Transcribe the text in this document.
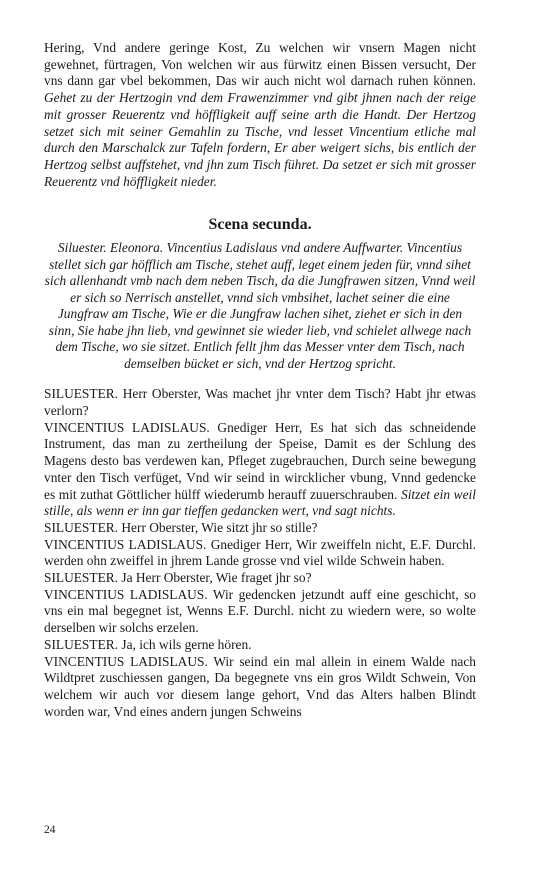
Hering, Vnd andere geringe Kost, Zu welchen wir vnsern Magen nicht gewehnet, fürtragen, Von welchen wir aus fürwitz einen Bissen versucht, Der vns dann gar vbel bekommen, Das wir auch nicht wol darnach ruhen können. Gehet zu der Hertzogin vnd dem Frawenzimmer vnd gibt jhnen nach der reige mit grosser Reuerentz vnd höffligkeit auff seine arth die Handt. Der Hertzog setzet sich mit seiner Gemahlin zu Tische, vnd lesset Vincentium etliche mal durch den Marschalck zur Tafeln fordern, Er aber weigert sichs, bis entlich der Hertzog selbst auffstehet, vnd jhn zum Tisch führet. Da setzet er sich mit grosser Reuerentz vnd höffligkeit nieder.

Scena secunda.
Siluester. Eleonora. Vincentius Ladislaus vnd andere Auffwarter. Vincentius stellet sich gar höfflich am Tische, stehet auff, leget einem jeden für, vnnd sihet sich allenhandt vmb nach dem neben Tisch, da die Jungfrawen sitzen, Vnnd weil er sich so Nerrisch anstellet, vnnd sich vmbsihet, lachet seiner die eine Jungfraw am Tische, Wie er die Jungfraw lachen sihet, ziehet er sich in den sinn, Sie habe jhn lieb, vnd gewinnet sie wieder lieb, vnd schielet allwege nach dem Tische, wo sie sitzet. Entlich fellt jhm das Messer vnter dem Tisch, nach demselben bücket er sich, vnd der Hertzog spricht.

SILUESTER. Herr Oberster, Was machet jhr vnter dem Tisch? Habt jhr etwas verlorn?

VINCENTIUS LADISLAUS. Gnediger Herr, Es hat sich das schneidende Instrument, das man zu zertheilung der Speise, Damit es der Schlung des Magens desto bas verdewen kan, Pfleget zugebrauchen, Durch seine bewegung vnter den Tisch verfüget, Vnd wir seind in wircklicher vbung, Vnnd gedencke es mit zuthat Göttlicher hülff wiederumb herauff zuuerschrauben. Sitzet ein weil stille, als wenn er inn gar tieffen gedancken wert, vnd sagt nichts.

SILUESTER. Herr Oberster, Wie sitzt jhr so stille?

VINCENTIUS LADISLAUS. Gnediger Herr, Wir zweiffeln nicht, E.F. Durchl. werden ohn zweiffel in jhrem Lande grosse vnd viel wilde Schwein haben.

SILUESTER. Ja Herr Oberster, Wie fraget jhr so?

VINCENTIUS LADISLAUS. Wir gedencken jetzundt auff eine geschicht, so vns ein mal begegnet ist, Wenns E.F. Durchl. nicht zu wiedern were, so wolte derselben wir solchs erzelen.

SILUESTER. Ja, ich wils gerne hören.

VINCENTIUS LADISLAUS. Wir seind ein mal allein in einem Walde nach Wildtpret zuschiessen gangen, Da begegnete vns ein gros Wildt Schwein, Von welchem wir auch vor diesem lange gehort, Vnd das Alters halben Blindt worden war, Vnd eines andern jungen Schweins

24
